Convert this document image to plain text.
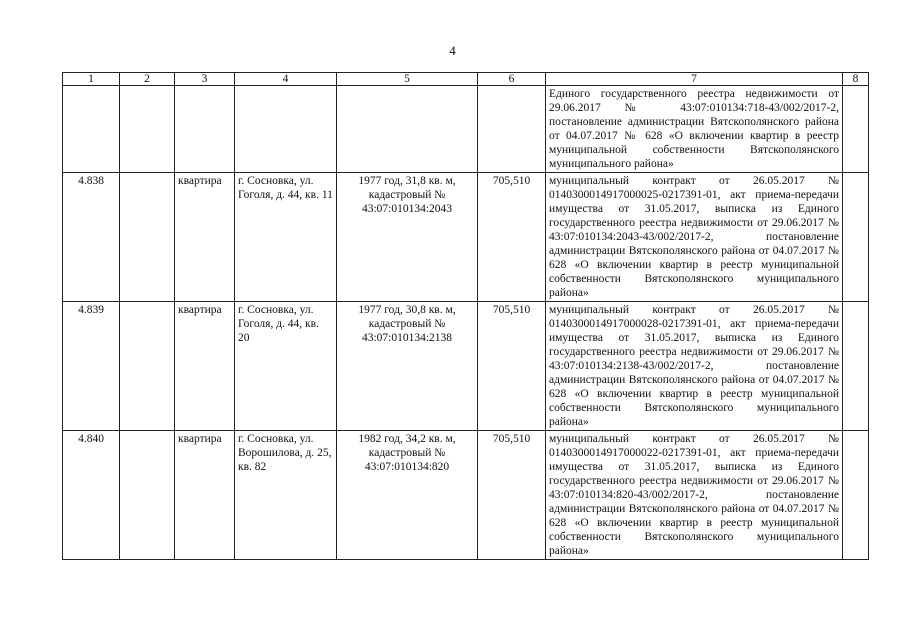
4
1	2	3	4	5	6	7	8
						Единого государственного реестра недвижимости от 29.06.2017 № 43:07:010134:718-43/002/2017-2, постановление администрации Вятскополянского района от 04.07.2017 № 628 «О включении квартир в реестр муниципальной собственности Вятскополянского муниципального района»	
4.838		квартира	г. Сосновка, ул. Гоголя, д. 44, кв. 11	1977 год, 31,8 кв. м, кадастровый № 43:07:010134:2043	705,510	муниципальный контракт от 26.05.2017 № 0140300014917000025-0217391-01, акт приема-передачи имущества от 31.05.2017, выписка из Единого государственного реестра недвижимости от 29.06.2017 № 43:07:010134:2043-43/002/2017-2, постановление администрации Вятскополянского района от 04.07.2017 № 628 «О включении квартир в реестр муниципальной собственности Вятскополянского муниципального района»	
4.839		квартира	г. Сосновка, ул. Гоголя, д. 44, кв. 20	1977 год, 30,8 кв. м, кадастровый № 43:07:010134:2138	705,510	муниципальный контракт от 26.05.2017 № 0140300014917000028-0217391-01, акт приема-передачи имущества от 31.05.2017, выписка из Единого государственного реестра недвижимости от 29.06.2017 № 43:07:010134:2138-43/002/2017-2, постановление администрации Вятскополянского района от 04.07.2017 № 628 «О включении квартир в реестр муниципальной собственности Вятскополянского муниципального района»	
4.840		квартира	г. Сосновка, ул. Ворошилова, д. 25, кв. 82	1982 год, 34,2 кв. м, кадастровый № 43:07:010134:820	705,510	муниципальный контракт от 26.05.2017 № 0140300014917000022-0217391-01, акт приема-передачи имущества от 31.05.2017, выписка из Единого государственного реестра недвижимости от 29.06.2017 № 43:07:010134:820-43/002/2017-2, постановление администрации Вятскополянского района от 04.07.2017 № 628 «О включении квартир в реестр муниципальной собственности Вятскополянского муниципального района»	
